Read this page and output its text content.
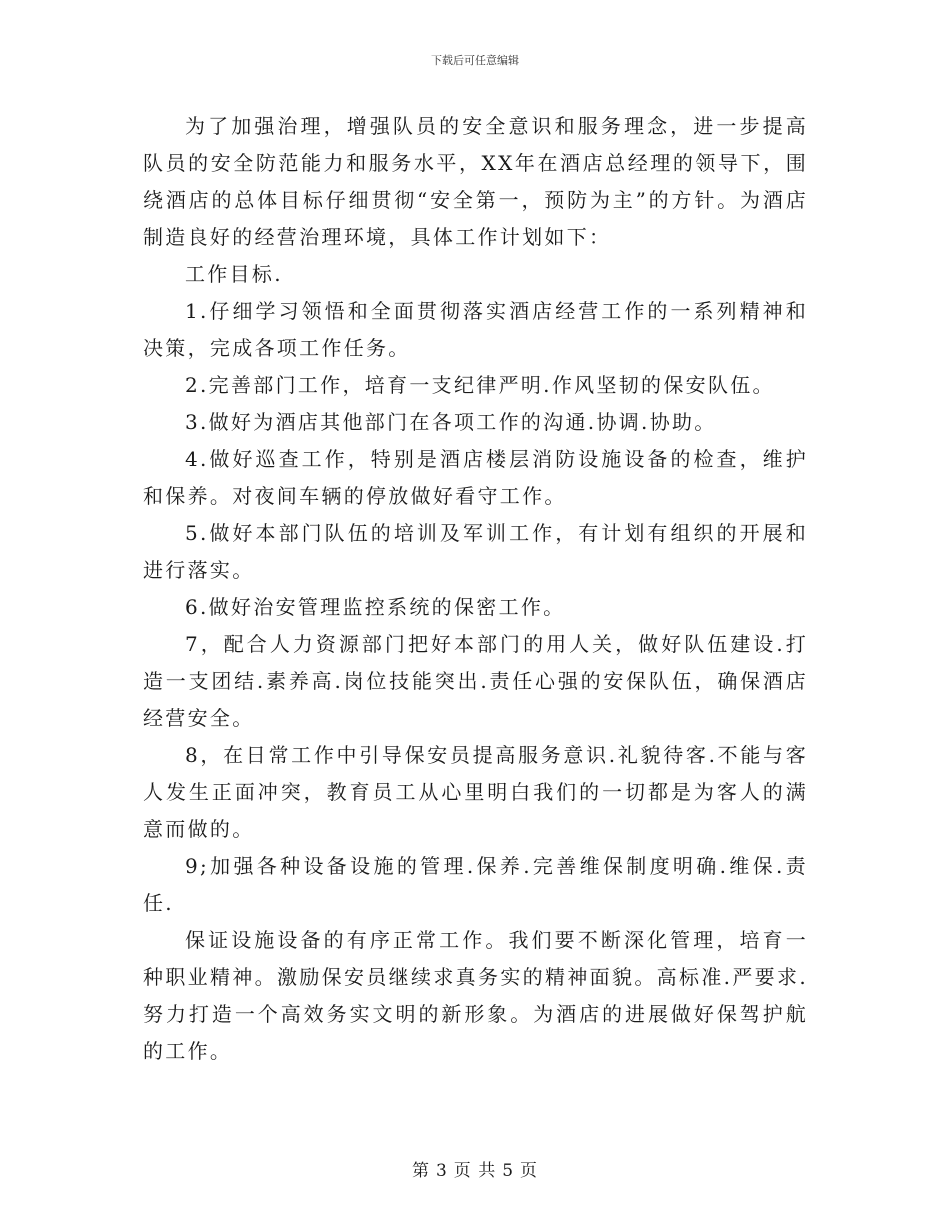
下载后可任意编辑

为了加强治理，增强队员的安全意识和服务理念，进一步提高队员的安全防范能力和服务水平，XX年在酒店总经理的领导下，围绕酒店的总体目标仔细贯彻“安全第一，预防为主”的方针。为酒店制造良好的经营治理环境，具体工作计划如下：

工作目标.

1.仔细学习领悟和全面贯彻落实酒店经营工作的一系列精神和决策，完成各项工作任务。

2.完善部门工作，培育一支纪律严明.作风坚韧的保安队伍。

3.做好为酒店其他部门在各项工作的沟通.协调.协助。

4.做好巡查工作，特别是酒店楼层消防设施设备的检查，维护和保养。对夜间车辆的停放做好看守工作。

5.做好本部门队伍的培训及军训工作，有计划有组织的开展和进行落实。

6.做好治安管理监控系统的保密工作。

7，配合人力资源部门把好本部门的用人关，做好队伍建设.打造一支团结.素养高.岗位技能突出.责任心强的安保队伍，确保酒店经营安全。

8，在日常工作中引导保安员提高服务意识.礼貌待客.不能与客人发生正面冲突，教育员工从心里明白我们的一切都是为客人的满意而做的。

9;加强各种设备设施的管理.保养.完善维保制度明确.维保.责任.

保证设施设备的有序正常工作。我们要不断深化管理，培育一种职业精神。激励保安员继续求真务实的精神面貌。高标准.严要求.努力打造一个高效务实文明的新形象。为酒店的进展做好保驾护航的工作。

第 3 页 共 5 页
